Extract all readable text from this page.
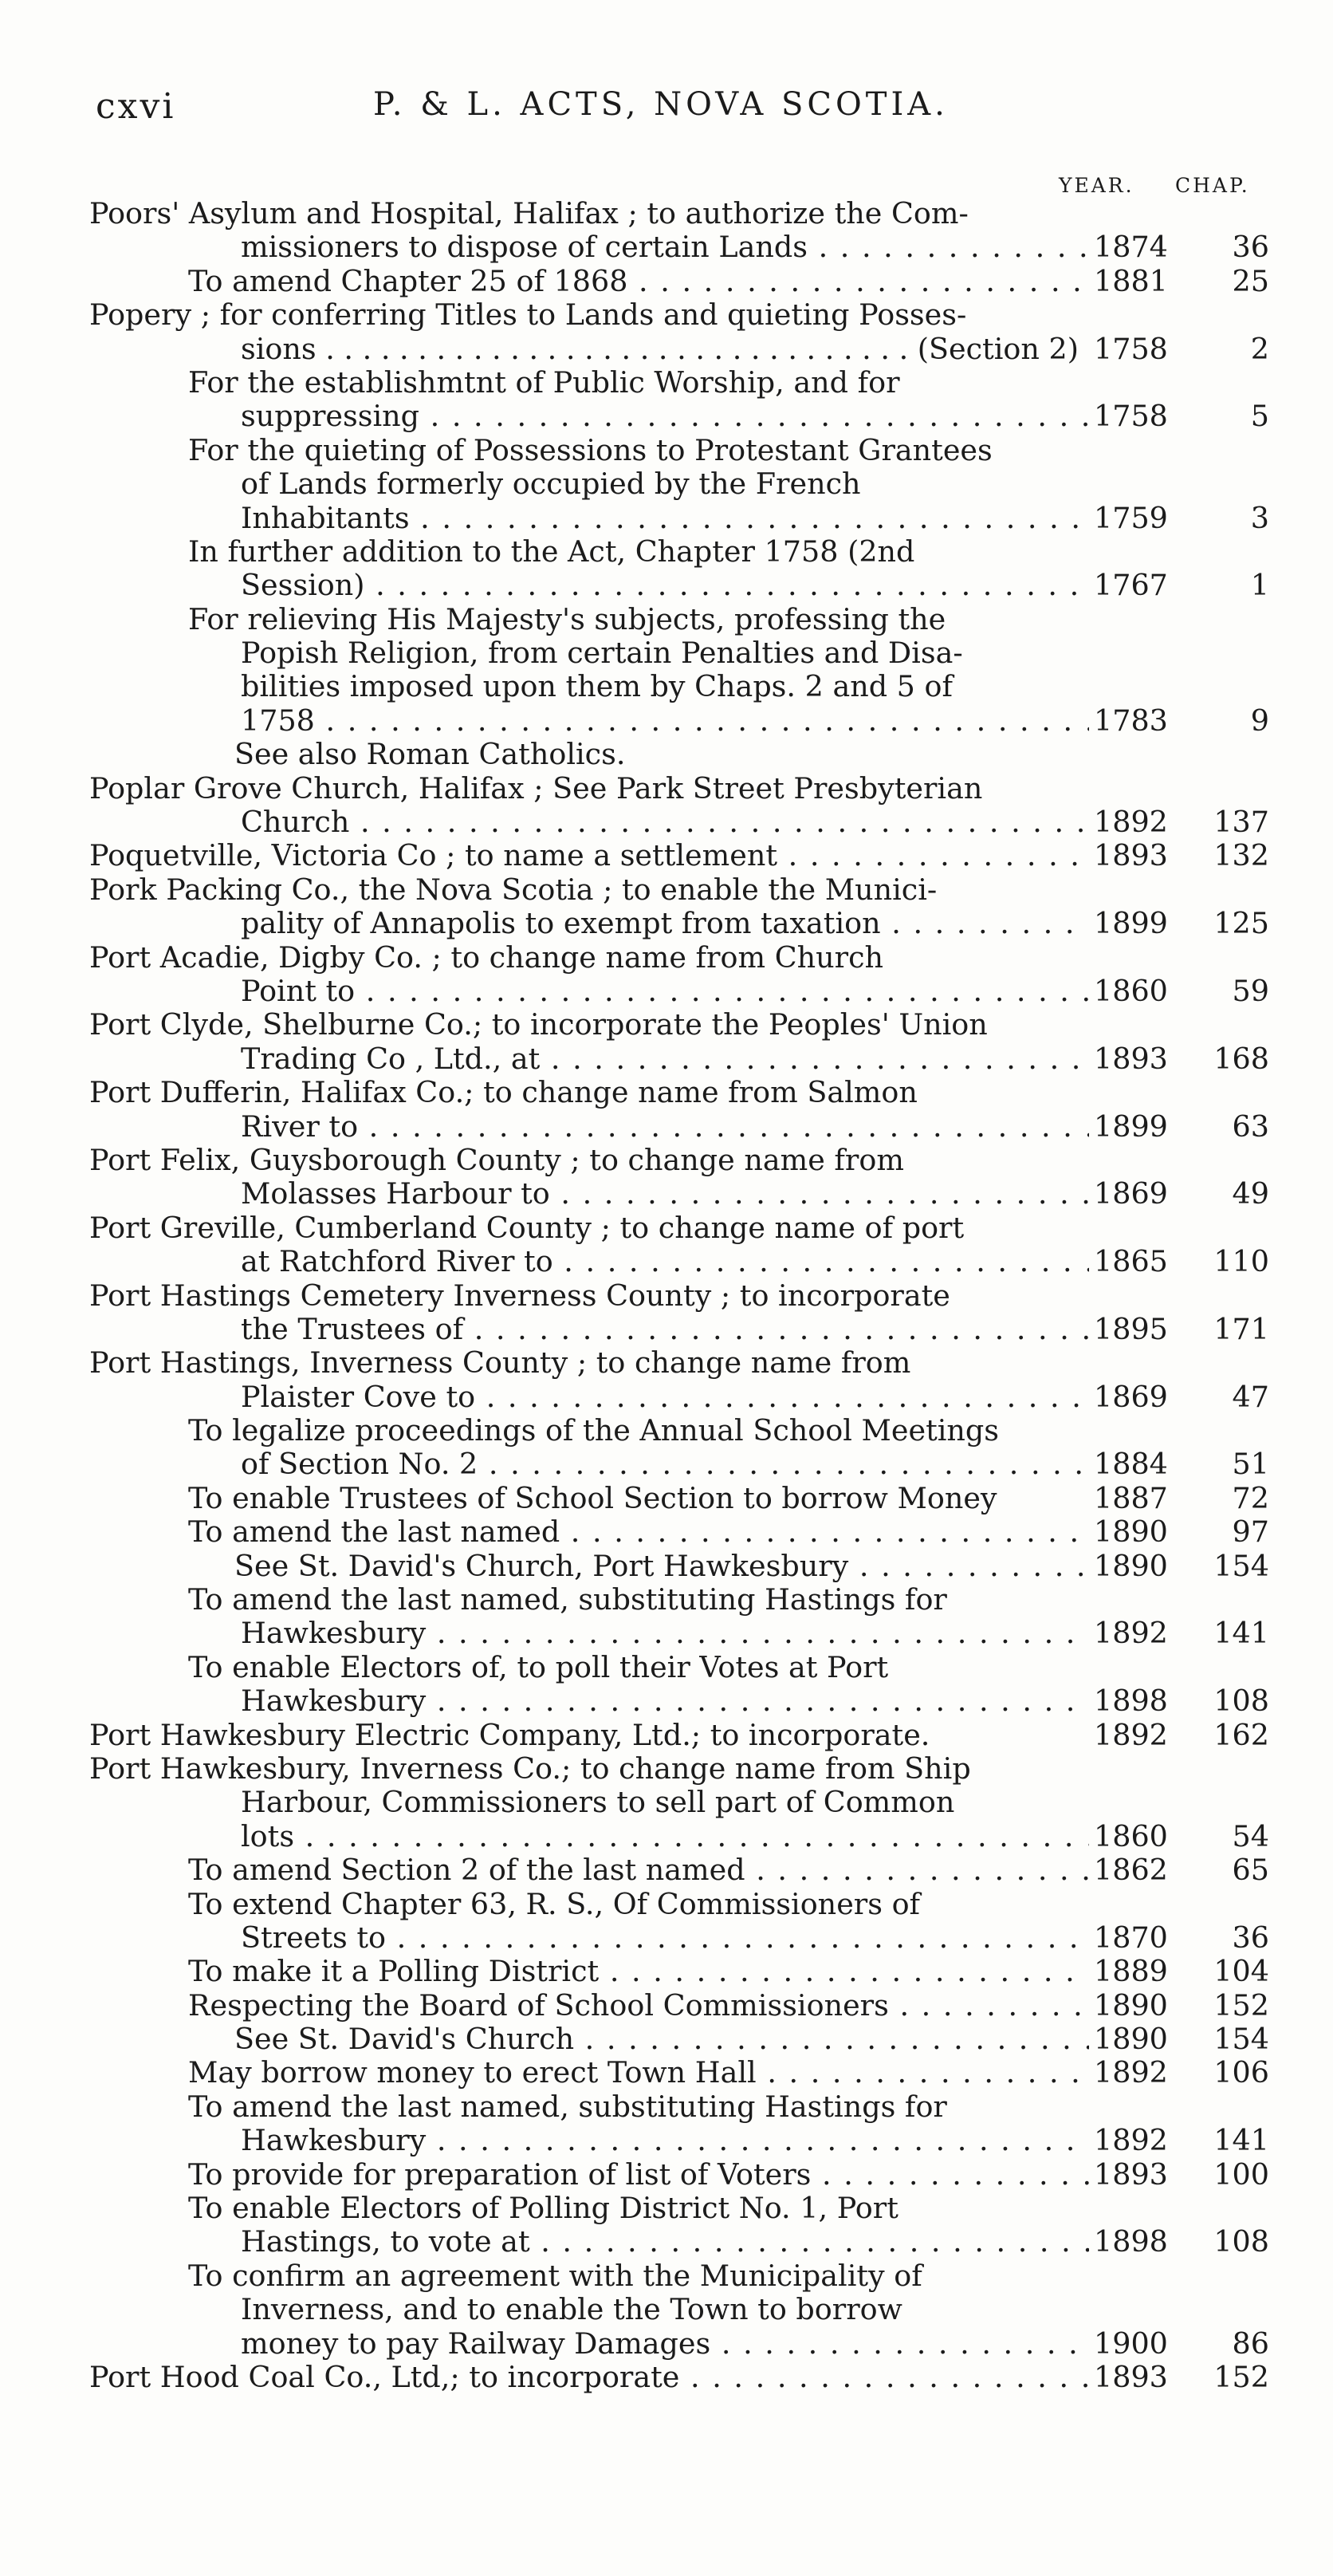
cxvi	P. & L. ACTS, NOVA SCOTIA.
YEAR. CHAP.
Poors' Asylum and Hospital, Halifax ; to authorize the Com-
missioners to dispose of certain Lands . . .	1874	36
To amend Chapter 25 of 1868 . . .	1881	25
Popery ; for conferring Titles to Lands and quieting Posses-
sions . . . . . . . . . . . . . . . . . . . . . . . . . . . . . . . . (Section 2) 1758	2
For the establishmtnt of Public Worship, and for
suppressing . . .	1758	5
For the quieting of Possessions to Protestant Grantees
of Lands formerly occupied by the French
Inhabitants . . .	1759	3
In further addition to the Act, Chapter 1758 (2nd
Session) . . .	1767	1
For relieving His Majesty's subjects, professing the
Popish Religion, from certain Penalties and Disa-
bilities imposed upon them by Chaps. 2 and 5 of
1758 . . .	1783	9
See also Roman Catholics.
Poplar Grove Church, Halifax ; See Park Street Presbyterian
Church . . .	1892	137
Poquetville, Victoria Co ; to name a settlement . . .	1893	132
Pork Packing Co., the Nova Scotia ; to enable the Munici-
pality of Annapolis to exempt from taxation . . .	1899	125
Port Acadie, Digby Co. ; to change name from Church
Point to . . .	1860	59
Port Clyde, Shelburne Co.; to incorporate the Peoples' Union
Trading Co , Ltd., at . . .	1893	168
Port Dufferin, Halifax Co.; to change name from Salmon
River to . . .	1899	63
Port Felix, Guysborough County ; to change name from
Molasses Harbour to . . .	1869	49
Port Greville, Cumberland County ; to change name of port
at Ratchford River to . . .	1865	110
Port Hastings Cemetery Inverness County ; to incorporate
the Trustees of . . .	1895	171
Port Hastings, Inverness County ; to change name from
Plaister Cove to . . .	1869	47
To legalize proceedings of the Annual School Meetings
of Section No. 2 . . .	1884	51
To enable Trustees of School Section to borrow Money	1887	72
To amend the last named . . .	1890	97
See St. David's Church, Port Hawkesbury . . .	1890	154
To amend the last named, substituting Hastings for
Hawkesbury . . .	1892	141
To enable Electors of, to poll their Votes at Port
Hawkesbury . . .	1898	108
Port Hawkesbury Electric Company, Ltd.; to incorporate.	1892	162
Port Hawkesbury, Inverness Co.; to change name from Ship
Harbour, Commissioners to sell part of Common
lots . . .	1860	54
To amend Section 2 of the last named . . .	1862	65
To extend Chapter 63, R. S., Of Commissioners of
Streets to . . .	1870	36
To make it a Polling District . . .	1889	104
Respecting the Board of School Commissioners . . .	1890	152
See St. David's Church . . .	1890	154
May borrow money to erect Town Hall . . .	1892	106
To amend the last named, substituting Hastings for
Hawkesbury . . .	1892	141
To provide for preparation of list of Voters . . .	1893	100
To enable Electors of Polling District No. 1, Port
Hastings, to vote at . . .	1898	108
To confirm an agreement with the Municipality of
Inverness, and to enable the Town to borrow
money to pay Railway Damages . . .	1900	86
Port Hood Coal Co., Ltd,; to incorporate . . .	1893	152
